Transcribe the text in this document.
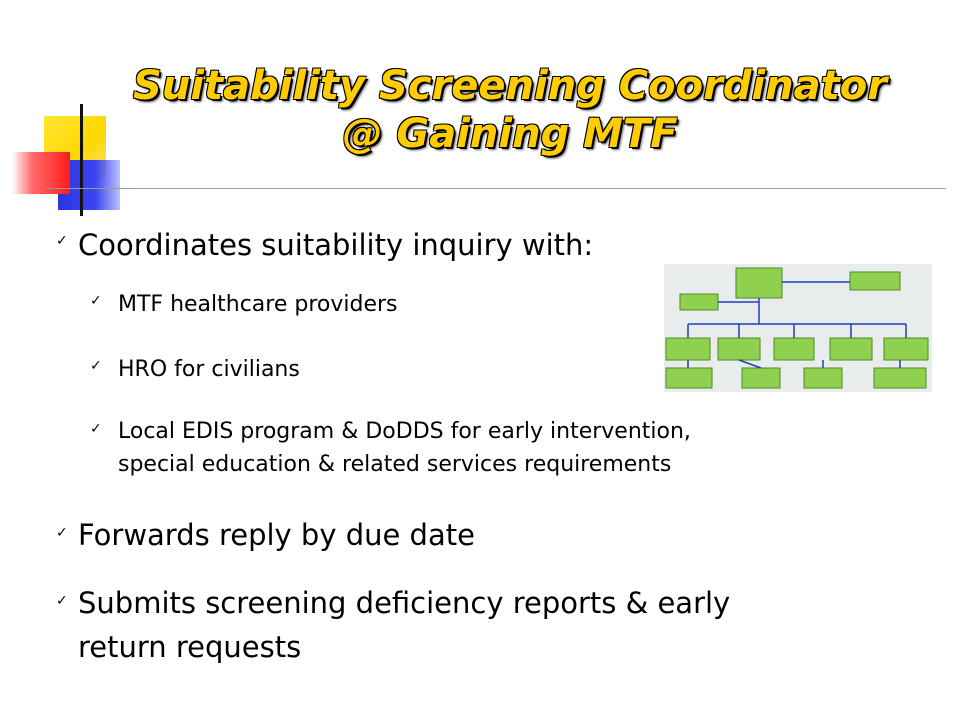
Suitability Screening Coordinator
@ Gaining MTF
✓ Coordinates suitability inquiry with:
✓ MTF healthcare providers
✓ HRO for civilians
✓ Local EDIS program & DoDDS for early intervention,
special education & related services requirements
✓ Forwards reply by due date
✓ Submits screening deficiency reports & early
return requests
